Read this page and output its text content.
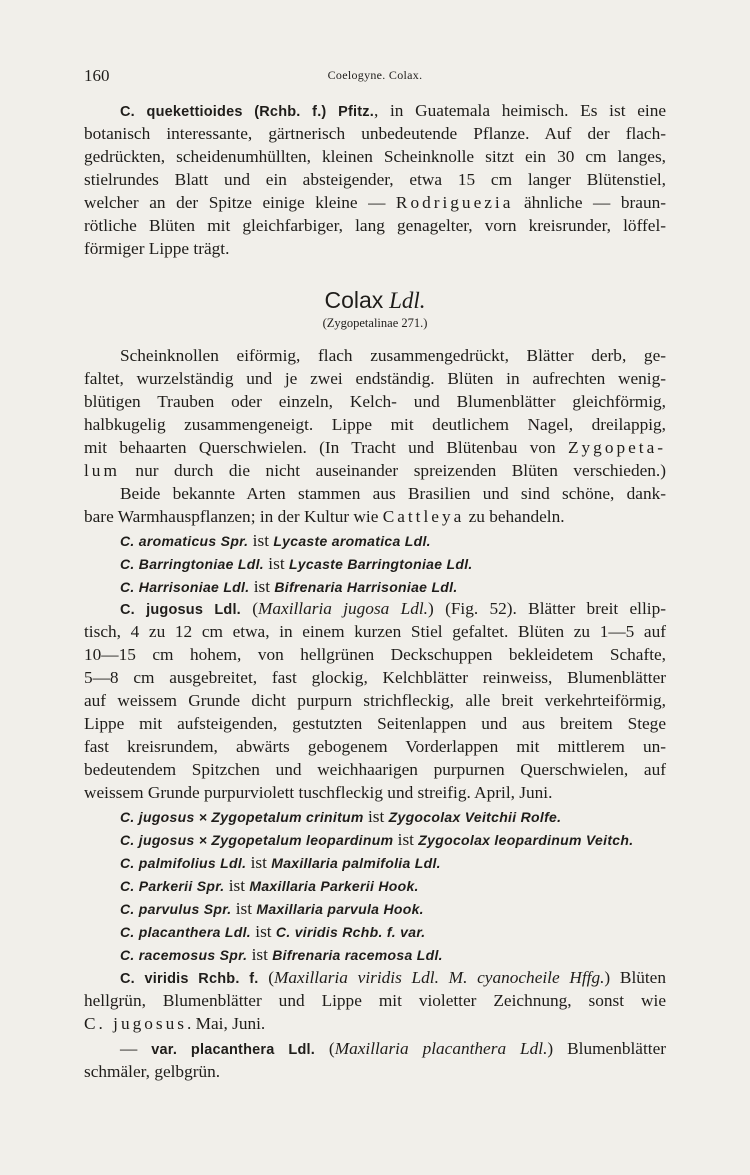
160	Coelogyne. Colax.
C. quekettioides (Rchb. f.) Pfitz., in Guatemala heimisch. Es ist eine
botanisch interessante, gärtnerisch unbedeutende Pflanze. Auf der flach-
gedrückten, scheidenumhüllten, kleinen Scheinknolle sitzt ein 30 cm langes,
stielrundes Blatt und ein absteigender, etwa 15 cm langer Blütenstiel,
welcher an der Spitze einige kleine — Rodriguezia ähnliche — braun-
rötliche Blüten mit gleichfarbiger, lang genagelter, vorn kreisrunder, löffel-
förmiger Lippe trägt.
Colax Ldl.
(Zygopetalinae 271.)
Scheinknollen eiförmig, flach zusammengedrückt, Blätter derb, ge-
faltet, wurzelständig und je zwei endständig. Blüten in aufrechten wenig-
blütigen Trauben oder einzeln, Kelch- und Blumenblätter gleichförmig,
halbkugelig zusammengeneigt. Lippe mit deutlichem Nagel, dreilappig,
mit behaarten Querschwielen. (In Tracht und Blütenbau von Zygopeta-
lum nur durch die nicht auseinander spreizenden Blüten verschieden.)
Beide bekannte Arten stammen aus Brasilien und sind schöne, dank-
bare Warmhauspflanzen; in der Kultur wie Cattleya zu behandeln.
C. aromaticus Spr. ist Lycaste aromatica Ldl.
C. Barringtoniae Ldl. ist Lycaste Barringtoniae Ldl.
C. Harrisoniae Ldl. ist Bifrenaria Harrisoniae Ldl.
C. jugosus Ldl. (Maxillaria jugosa Ldl.) (Fig. 52). Blätter breit ellip-
tisch, 4 zu 12 cm etwa, in einem kurzen Stiel gefaltet. Blüten zu 1—5 auf
10—15 cm hohem, von hellgrünen Deckschuppen bekleidetem Schafte,
5—8 cm ausgebreitet, fast glockig, Kelchblätter reinweiss, Blumenblätter
auf weissem Grunde dicht purpurn strichfleckig, alle breit verkehrteiförmig,
Lippe mit aufsteigenden, gestutzten Seitenlappen und aus breitem Stege
fast kreisrundem, abwärts gebogenem Vorderlappen mit mittlerem un-
bedeutendem Spitzchen und weichhaarigen purpurnen Querschwielen, auf
weissem Grunde purpurviolett tuschfleckig und streifig. April, Juni.
C. jugosus × Zygopetalum crinitum ist Zygocolax Veitchii Rolfe.
C. jugosus × Zygopetalum leopardinum ist Zygocolax leopardinum Veitch.
C. palmifolius Ldl. ist Maxillaria palmifolia Ldl.
C. Parkerii Spr. ist Maxillaria Parkerii Hook.
C. parvulus Spr. ist Maxillaria parvula Hook.
C. placanthera Ldl. ist C. viridis Rchb. f. var.
C. racemosus Spr. ist Bifrenaria racemosa Ldl.
C. viridis Rchb. f. (Maxillaria viridis Ldl. M. cyanocheile Hffg.) Blüten
hellgrün, Blumenblätter und Lippe mit violetter Zeichnung, sonst wie
C. jugosus. Mai, Juni.
— var. placanthera Ldl. (Maxillaria placanthera Ldl.) Blumenblätter
schmäler, gelbgrün.
